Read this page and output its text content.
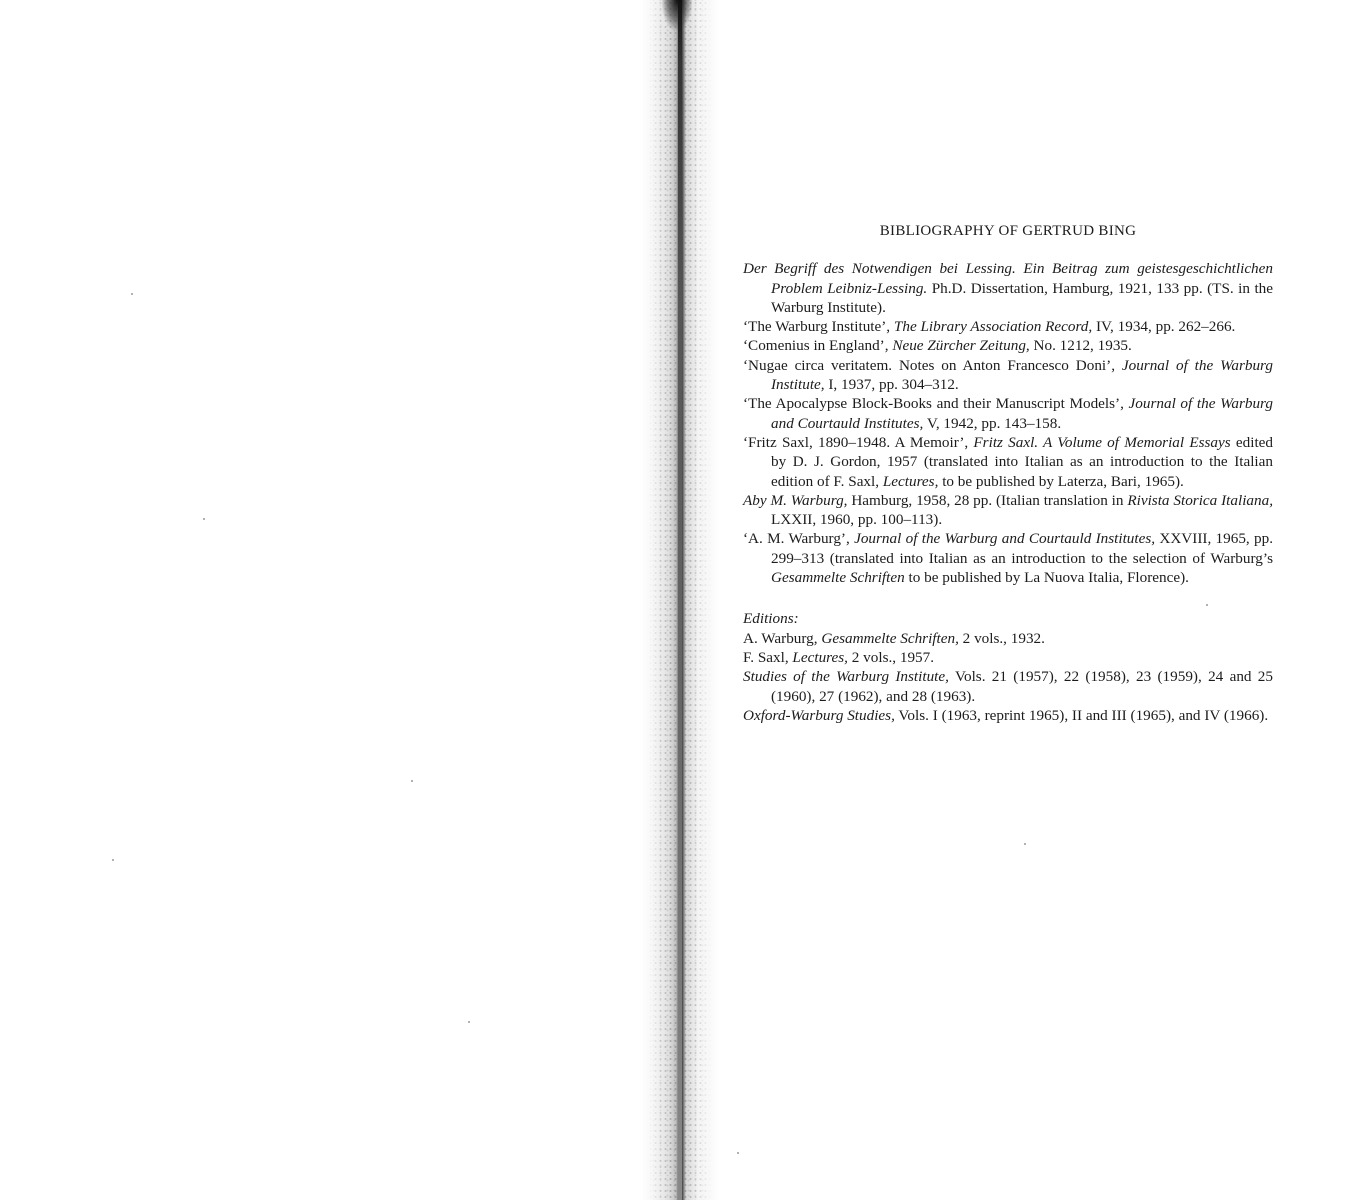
BIBLIOGRAPHY OF GERTRUD BING

Der Begriff des Notwendigen bei Lessing. Ein Beitrag zum geistesgeschichtlichen Problem Leibniz-Lessing. Ph.D. Dissertation, Hamburg, 1921, 133 pp. (TS. in the Warburg Institute).

‘The Warburg Institute’, The Library Association Record, IV, 1934, pp. 262–266.

‘Comenius in England’, Neue Zürcher Zeitung, No. 1212, 1935.

‘Nugae circa veritatem. Notes on Anton Francesco Doni’, Journal of the Warburg Institute, I, 1937, pp. 304–312.

‘The Apocalypse Block-Books and their Manuscript Models’, Journal of the Warburg and Courtauld Institutes, V, 1942, pp. 143–158.

‘Fritz Saxl, 1890–1948. A Memoir’, Fritz Saxl. A Volume of Memorial Essays edited by D. J. Gordon, 1957 (translated into Italian as an introduction to the Italian edition of F. Saxl, Lectures, to be published by Laterza, Bari, 1965).

Aby M. Warburg, Hamburg, 1958, 28 pp. (Italian translation in Rivista Storica Italiana, LXXII, 1960, pp. 100–113).

‘A. M. Warburg’, Journal of the Warburg and Courtauld Institutes, XXVIII, 1965, pp. 299–313 (translated into Italian as an introduction to the selection of Warburg’s Gesammelte Schriften to be published by La Nuova Italia, Florence).

Editions:

A. Warburg, Gesammelte Schriften, 2 vols., 1932.

F. Saxl, Lectures, 2 vols., 1957.

Studies of the Warburg Institute, Vols. 21 (1957), 22 (1958), 23 (1959), 24 and 25 (1960), 27 (1962), and 28 (1963).

Oxford-Warburg Studies, Vols. I (1963, reprint 1965), II and III (1965), and IV (1966).
